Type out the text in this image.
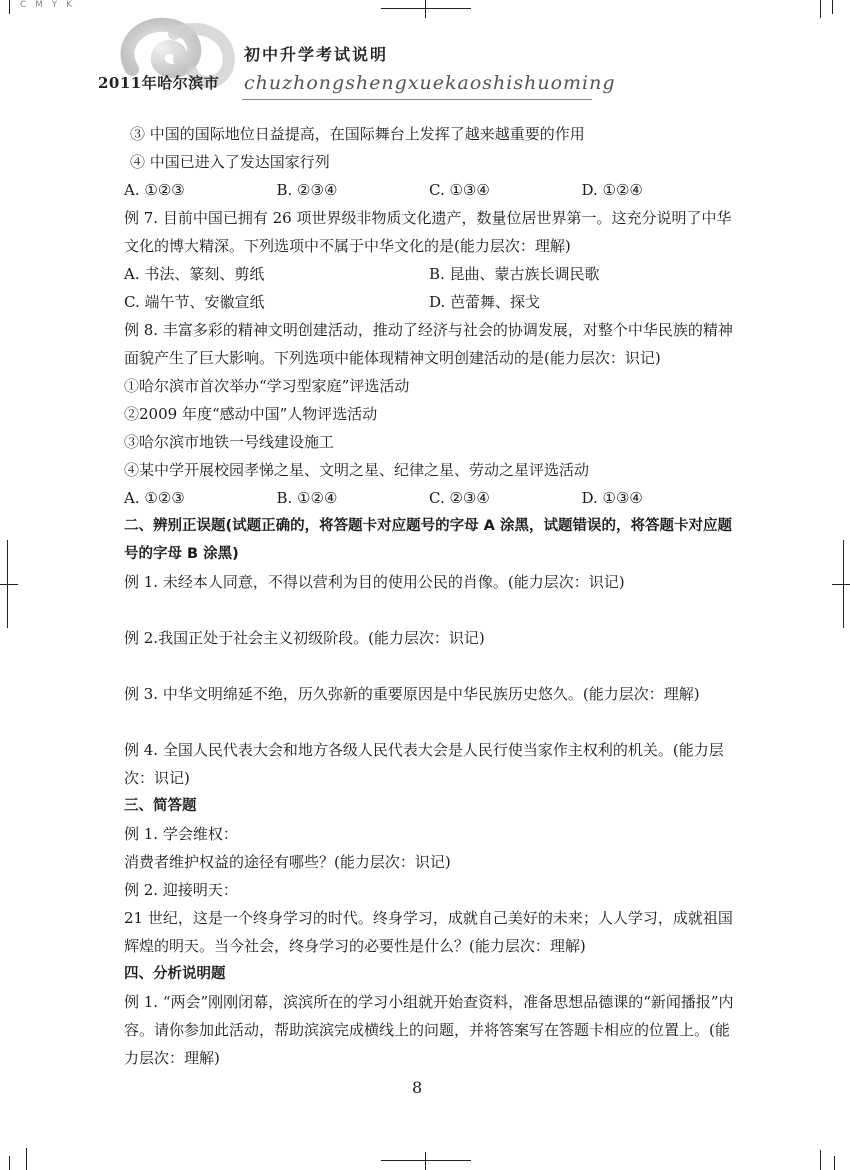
C M Y K
2011年哈尔滨市
初中升学考试说明
chuzhongshengxuekaoshishuoming
③ 中国的国际地位日益提高，在国际舞台上发挥了越来越重要的作用
④ 中国已进入了发达国家行列
A. ①②③	B. ②③④	C. ①③④	D. ①②④
例 7. 目前中国已拥有 26 项世界级非物质文化遗产，数量位居世界第一。这充分说明了中华文化的博大精深。下列选项中不属于中华文化的是(能力层次：理解)
A. 书法、篆刻、剪纸	B. 昆曲、蒙古族长调民歌
C. 端午节、安徽宣纸	D. 芭蕾舞、探戈
例 8. 丰富多彩的精神文明创建活动，推动了经济与社会的协调发展，对整个中华民族的精神面貌产生了巨大影响。下列选项中能体现精神文明创建活动的是(能力层次：识记)
①哈尔滨市首次举办“学习型家庭”评选活动
②2009 年度“感动中国”人物评选活动
③哈尔滨市地铁一号线建设施工
④某中学开展校园孝悌之星、文明之星、纪律之星、劳动之星评选活动
A. ①②③	B. ①②④	C. ②③④	D. ①③④
二、辨别正误题(试题正确的，将答题卡对应题号的字母 A 涂黑，试题错误的，将答题卡对应题号的字母 B 涂黑)
例 1. 未经本人同意，不得以营利为目的使用公民的肖像。(能力层次：识记)
例 2.我国正处于社会主义初级阶段。(能力层次：识记)
例 3. 中华文明绵延不绝，历久弥新的重要原因是中华民族历史悠久。(能力层次：理解)
例 4. 全国人民代表大会和地方各级人民代表大会是人民行使当家作主权利的机关。(能力层次：识记)
三、简答题
例 1. 学会维权：
消费者维护权益的途径有哪些？(能力层次：识记)
例 2. 迎接明天：
21 世纪，这是一个终身学习的时代。终身学习，成就自己美好的未来；人人学习，成就祖国辉煌的明天。当今社会，终身学习的必要性是什么？(能力层次：理解)
四、分析说明题
例 1. “两会”刚刚闭幕，滨滨所在的学习小组就开始查资料，准备思想品德课的“新闻播报”内容。请你参加此活动，帮助滨滨完成横线上的问题，并将答案写在答题卡相应的位置上。(能力层次：理解)
8
